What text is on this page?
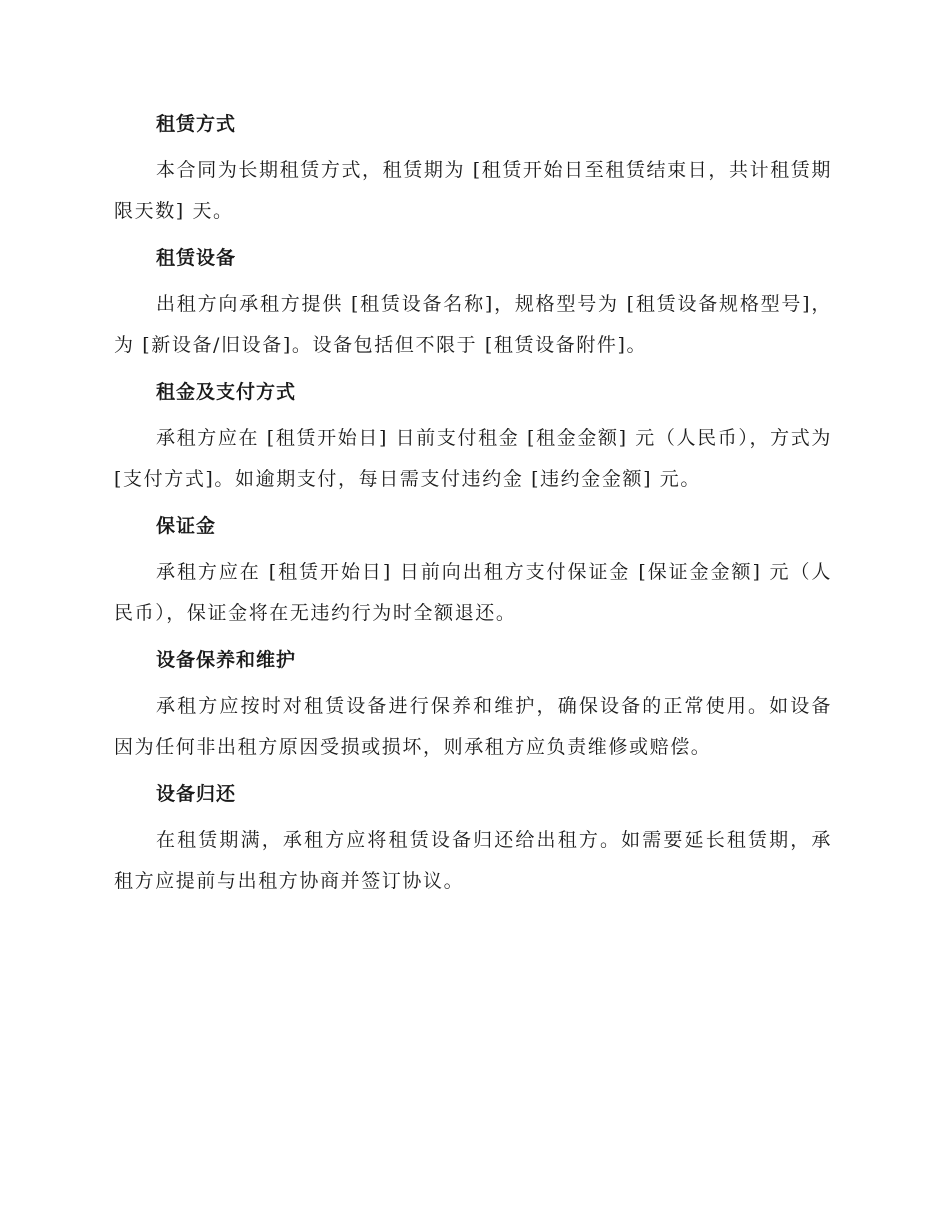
租赁方式

本合同为长期租赁方式，租赁期为 [租赁开始日至租赁结束日，共计租赁期限天数] 天。

租赁设备

出租方向承租方提供 [租赁设备名称]，规格型号为 [租赁设备规格型号]，为 [新设备/旧设备]。设备包括但不限于 [租赁设备附件]。

租金及支付方式

承租方应在 [租赁开始日] 日前支付租金 [租金金额] 元（人民币），方式为 [支付方式]。如逾期支付，每日需支付违约金 [违约金金额] 元。

保证金

承租方应在 [租赁开始日] 日前向出租方支付保证金 [保证金金额] 元（人民币），保证金将在无违约行为时全额退还。

设备保养和维护

承租方应按时对租赁设备进行保养和维护，确保设备的正常使用。如设备因为任何非出租方原因受损或损坏，则承租方应负责维修或赔偿。

设备归还

在租赁期满，承租方应将租赁设备归还给出租方。如需要延长租赁期，承租方应提前与出租方协商并签订协议。
